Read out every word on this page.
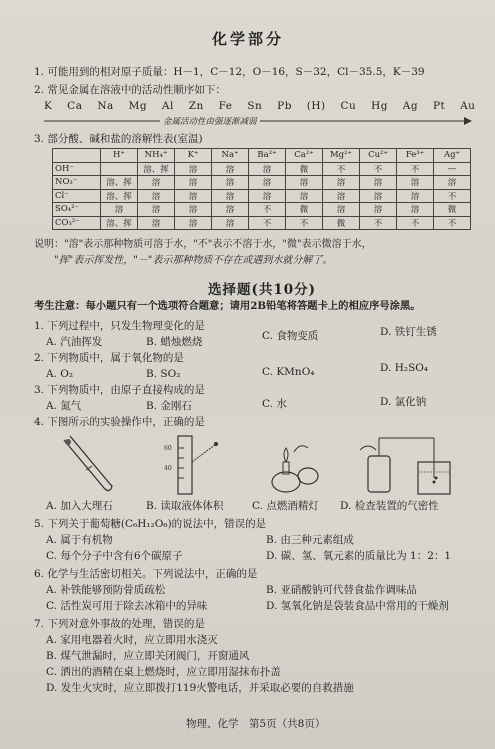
化学部分
1. 可能用到的相对原子质量：H－1，C－12，O－16，S－32，Cl－35.5，K－39
2. 常见金属在溶液中的活动性顺序如下：
K Ca Na Mg Al Zn Fe Sn Pb (H) Cu Hg Ag Pt Au
金属活动性由强逐渐减弱
3. 部分酸、碱和盐的溶解性表(室温)
	H⁺	NH₄⁺	K⁺	Na⁺	Ba²⁺	Ca²⁺	Mg²⁺	Cu²⁺	Fe³⁺	Ag⁺
OH⁻		溶、挥	溶	溶	溶	微	不	不	不	—
NO₃⁻	溶、挥	溶	溶	溶	溶	溶	溶	溶	溶	溶
Cl⁻	溶、挥	溶	溶	溶	溶	溶	溶	溶	溶	不
SO₄²⁻	溶	溶	溶	溶	不	微	溶	溶	溶	微
CO₃²⁻	溶、挥	溶	溶	溶	不	不	微	不	不	不
说明："溶"表示那种物质可溶于水，"不"表示不溶于水，"微"表示微溶于水，
"挥"表示挥发性，"－"表示那种物质不存在或遇到水就分解了。
选择题(共10分)
考生注意：每小题只有一个选项符合题意；请用2B铅笔将答题卡上的相应序号涂黑。
1. 下列过程中，只发生物理变化的是
A. 汽油挥发	B. 蜡烛燃烧	C. 食物变质	D. 铁钉生锈
2. 下列物质中，属于氧化物的是
A. O₂	B. SO₂	C. KMnO₄	D. H₂SO₄
3. 下列物质中，由原子直接构成的是
A. 氮气	B. 金刚石	C. 水	D. 氯化钠
4. 下图所示的实验操作中，正确的是
60
40
A. 加入大理石	B. 读取液体体积	C. 点燃酒精灯 D. 检查装置的气密性
5. 下列关于葡萄糖(C₆H₁₂O₆)的说法中，错误的是
A. 属于有机物	B. 由三种元素组成
C. 每个分子中含有6个碳原子	D. 碳、氢、氧元素的质量比为 1：2：1
6. 化学与生活密切相关。下列说法中，正确的是
A. 补铁能够预防骨质疏松	B. 亚硝酸钠可代替食盐作调味品
C. 活性炭可用于除去冰箱中的异味	D. 氢氧化钠是袋装食品中常用的干燥剂
7. 下列对意外事故的处理，错误的是
A. 家用电器着火时，应立即用水浇灭
B. 煤气泄漏时，应立即关闭阀门，开窗通风
C. 洒出的酒精在桌上燃烧时，应立即用湿抹布扑盖
D. 发生火灾时，应立即拨打119火警电话，并采取必要的自救措施
物理、化学　第5页（共8页）
